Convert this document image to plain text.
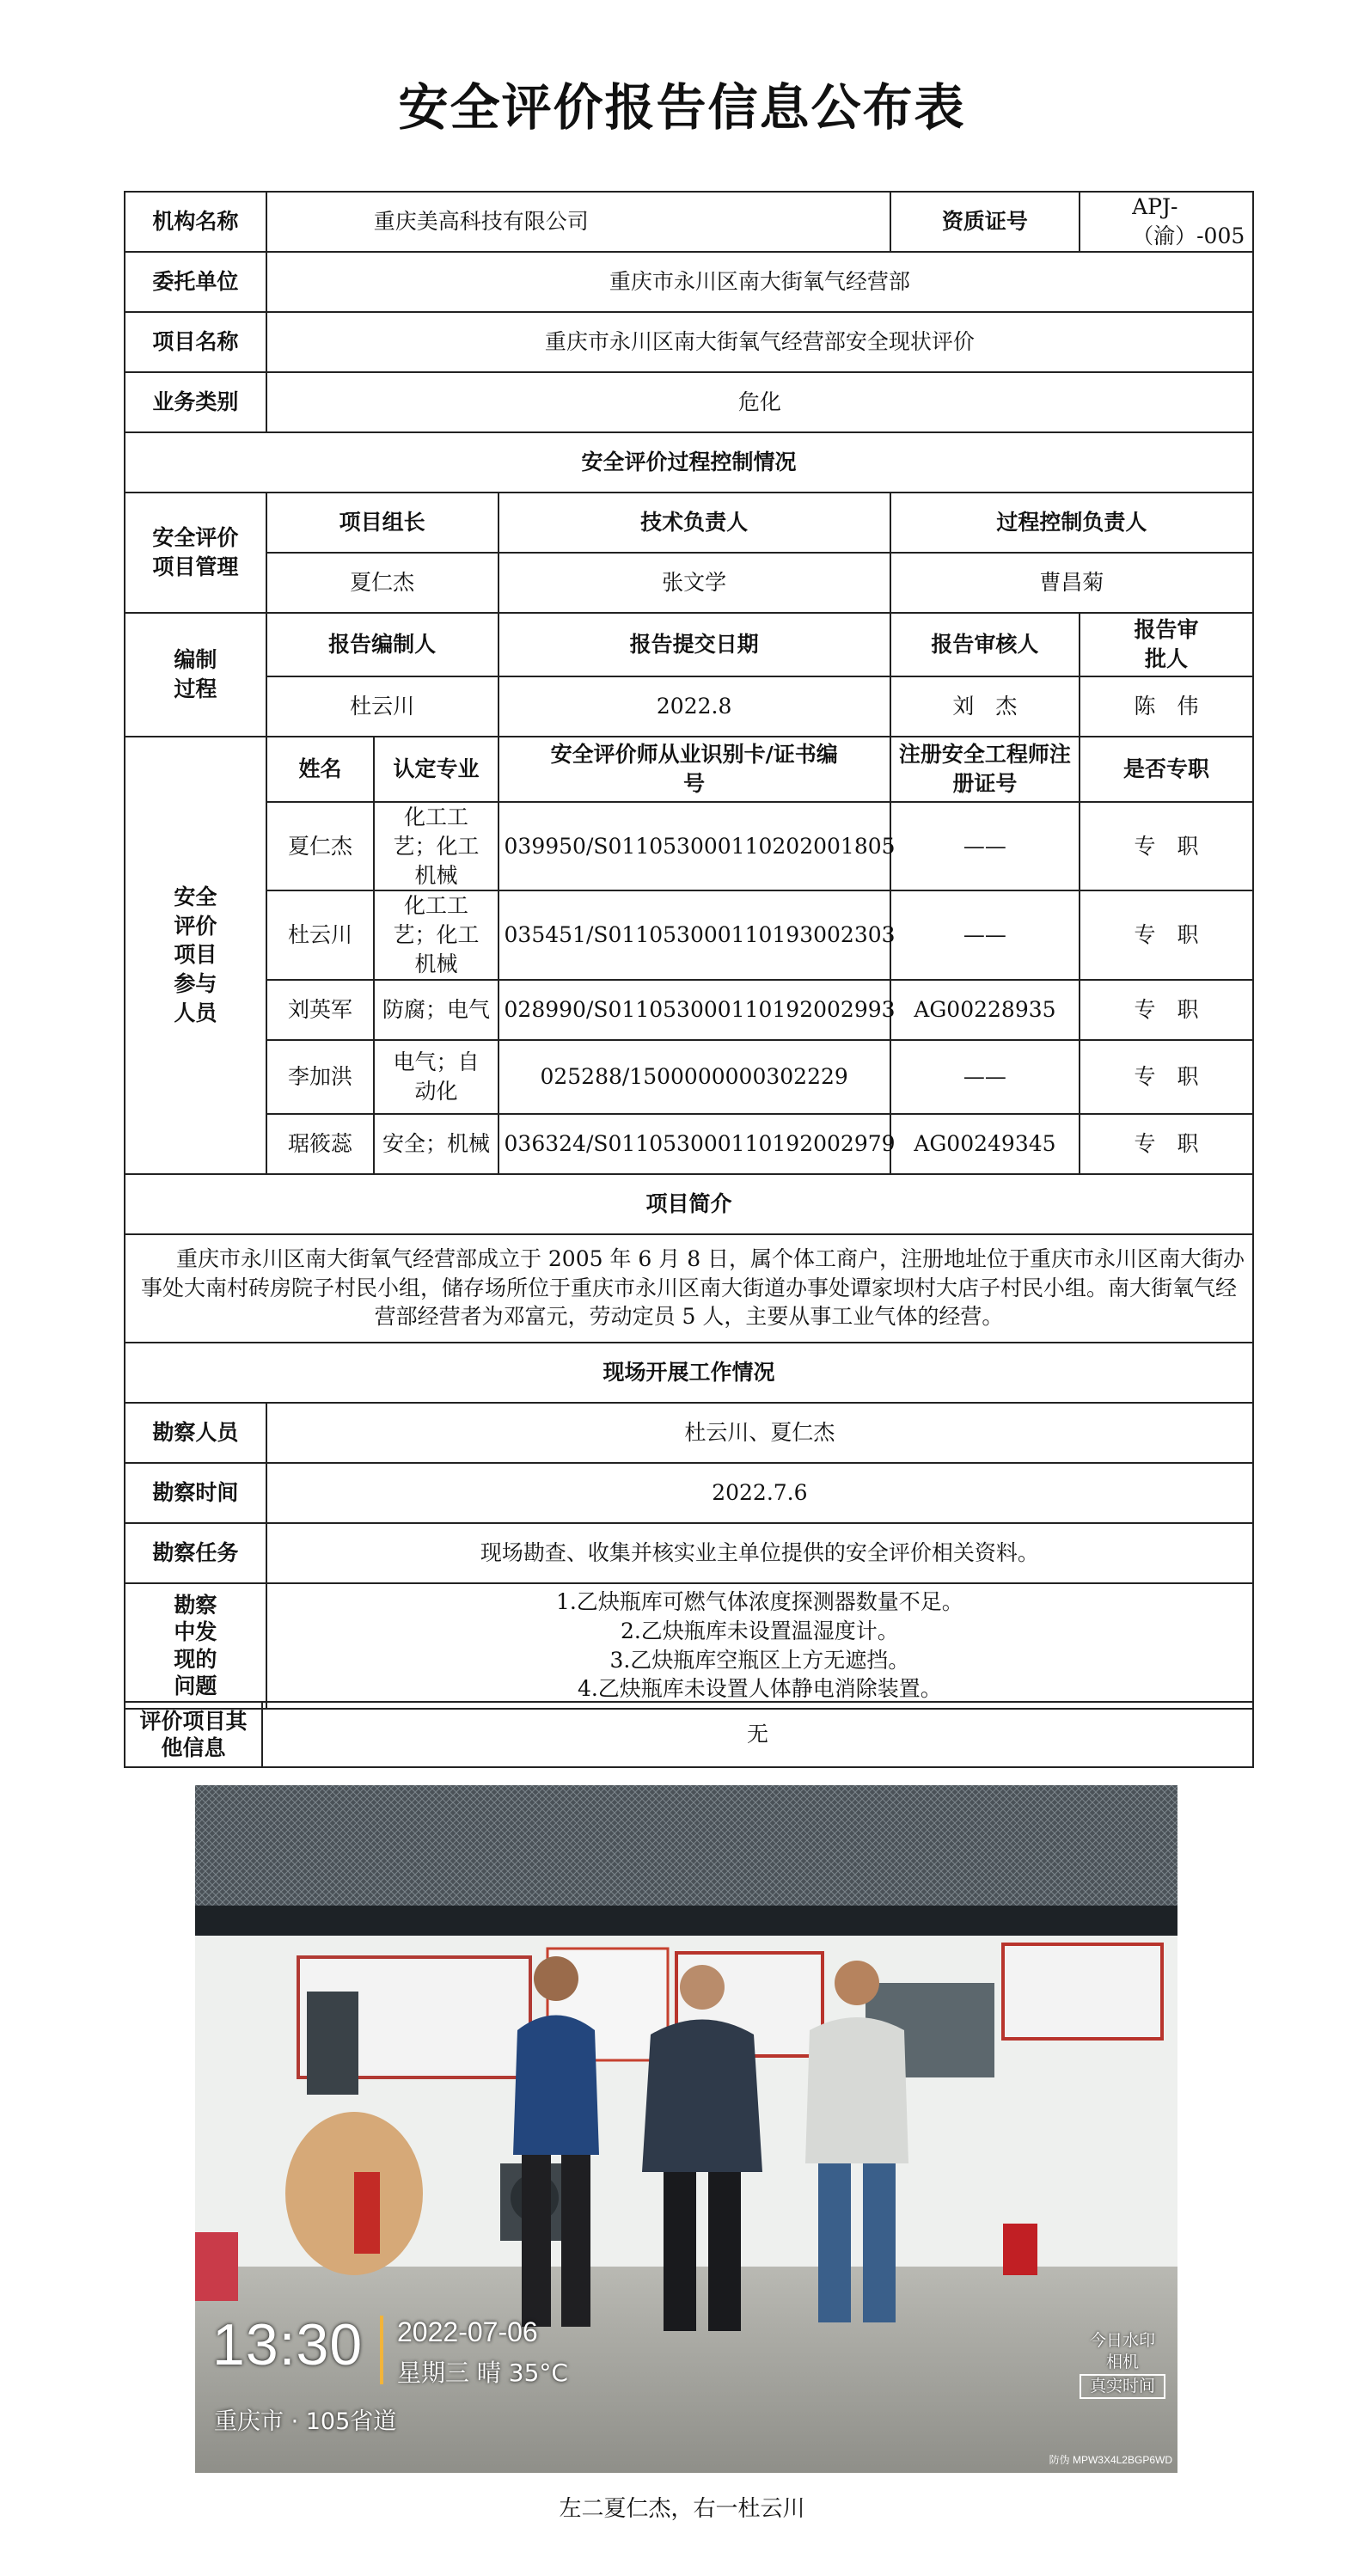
安全评价报告信息公布表
机构名称	重庆美高科技有限公司			资质证号	APJ-（渝）-005
委托单位	重庆市永川区南大街氧气经营部				
项目名称	重庆市永川区南大街氧气经营部安全现状评价				
业务类别	危化				
安全评价过程控制情况					
安全评价项目管理	项目组长		技术负责人	过程控制负责人	
	夏仁杰		张文学	曹昌菊	
编制过程	报告编制人		报告提交日期	报告审核人	报告审批人
	杜云川		2022.8	刘　杰	陈　伟
安全评价项目参与人员	姓名	认定专业	安全评价师从业识别卡/证书编号	注册安全工程师注册证号	是否专职
	夏仁杰	化工工艺；化工机械	039950/S011053000110202001805	——	专　职
	杜云川	化工工艺；化工机械	035451/S011053000110193002303	——	专　职
	刘英军	防腐；电气	028990/S011053000110192002993	AG00228935	专　职
	李加洪	电气；自动化	025288/1500000000302229	——	专　职
	琚筱蕊	安全；机械	036324/S011053000110192002979	AG00249345	专　职
项目简介					
重庆市永川区南大街氧气经营部成立于 2005 年 6 月 8 日，属个体工商户，注册地址位于重庆市永川区南大街办事处大南村砖房院子村民小组，储存场所位于重庆市永川区南大街道办事处谭家坝村大店子村民小组。南大街氧气经营部经营者为邓富元，劳动定员 5 人，主要从事工业气体的经营。					
现场开展工作情况					
勘察人员	杜云川、夏仁杰				
勘察时间	2022.7.6				
勘察任务	现场勘查、收集并核实业主单位提供的安全评价相关资料。				
勘察中发现的问题	1.乙炔瓶库可燃气体浓度探测器数量不足。
2.乙炔瓶库未设置温湿度计。
3.乙炔瓶库空瓶区上方无遮挡。
4.乙炔瓶库未设置人体静电消除装置。				
评价项目其他信息	无
13:30 2022-07-06
星期三 晴 35°C
重庆市 · 105省道
今日水印
相机
真实时间
防伪 MPW3X4L2BGP6WD
左二夏仁杰，右一杜云川
